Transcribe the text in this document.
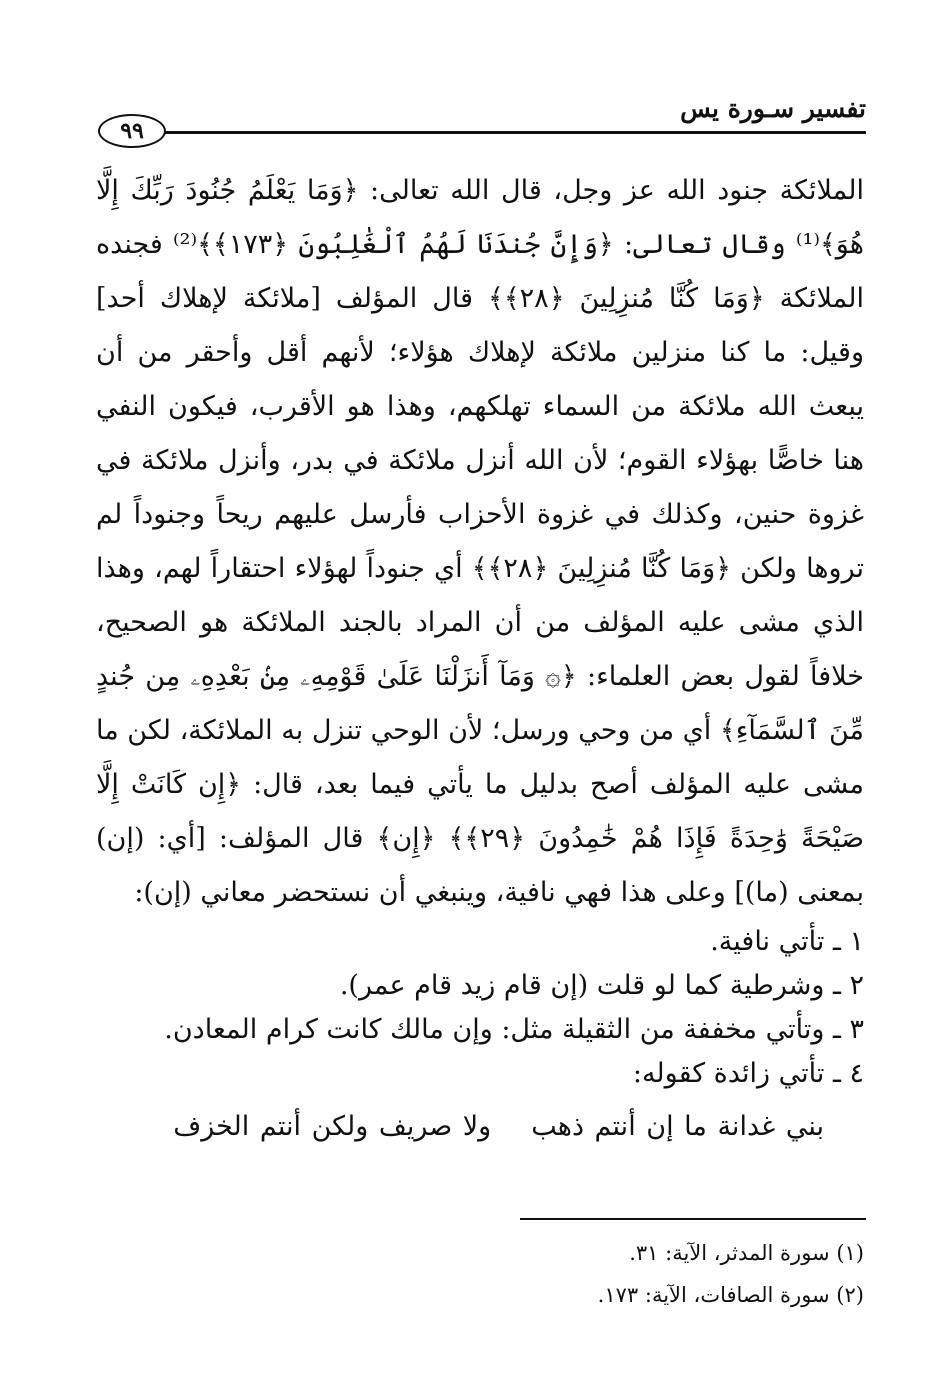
تفسير سـورة يس
٩٩

الملائكة جنود الله عز وجل، قال الله تعالى: ﴿وَمَا يَعْلَمُ جُنُودَ رَبِّكَ إِلَّا هُوَ﴾⁽¹⁾ وقال تعالى: ﴿وَإِنَّ جُندَنَا لَهُمُ ٱلْغَٰلِبُونَ ﴿١٧٣﴾﴾⁽²⁾ فجنده الملائكة ﴿وَمَا كُنَّا مُنزِلِينَ ﴿٢٨﴾﴾ قال المؤلف [ملائكة لإهلاك أحد] وقيل: ما كنا منزلين ملائكة لإهلاك هؤلاء؛ لأنهم أقل وأحقر من أن يبعث الله ملائكة من السماء تهلكهم، وهذا هو الأقرب، فيكون النفي هنا خاصًّا بهؤلاء القوم؛ لأن الله أنزل ملائكة في بدر، وأنزل ملائكة في غزوة حنين، وكذلك في غزوة الأحزاب فأرسل عليهم ريحاً وجنوداً لم تروها ولكن ﴿وَمَا كُنَّا مُنزِلِينَ ﴿٢٨﴾﴾ أي جنوداً لهؤلاء احتقاراً لهم، وهذا الذي مشى عليه المؤلف من أن المراد بالجند الملائكة هو الصحيح، خلافاً لقول بعض العلماء: ﴿۞ وَمَآ أَنزَلْنَا عَلَىٰ قَوْمِهِۦ مِنۢ بَعْدِهِۦ مِن جُندٍ مِّنَ ٱلسَّمَآءِ﴾ أي من وحي ورسل؛ لأن الوحي تنزل به الملائكة، لكن ما مشى عليه المؤلف أصح بدليل ما يأتي فيما بعد، قال: ﴿إِن كَانَتْ إِلَّا صَيْحَةً وَٰحِدَةً فَإِذَا هُمْ خَٰمِدُونَ ﴿٢٩﴾﴾ ﴿إِن﴾ قال المؤلف: [أي: (إن) بمعنى (ما)] وعلى هذا فهي نافية، وينبغي أن نستحضر معاني (إن):

١ ـ تأتي نافية.
٢ ـ وشرطية كما لو قلت (إن قام زيد قام عمر).
٣ ـ وتأتي مخففة من الثقيلة مثل: وإن مالك كانت كرام المعادن.
٤ ـ تأتي زائدة كقوله:
بني غدانة ما إن أنتم ذهبولا صريف ولكن أنتم الخزف
(١) سورة المدثر، الآية: ٣١.
(٢) سورة الصافات، الآية: ١٧٣.
